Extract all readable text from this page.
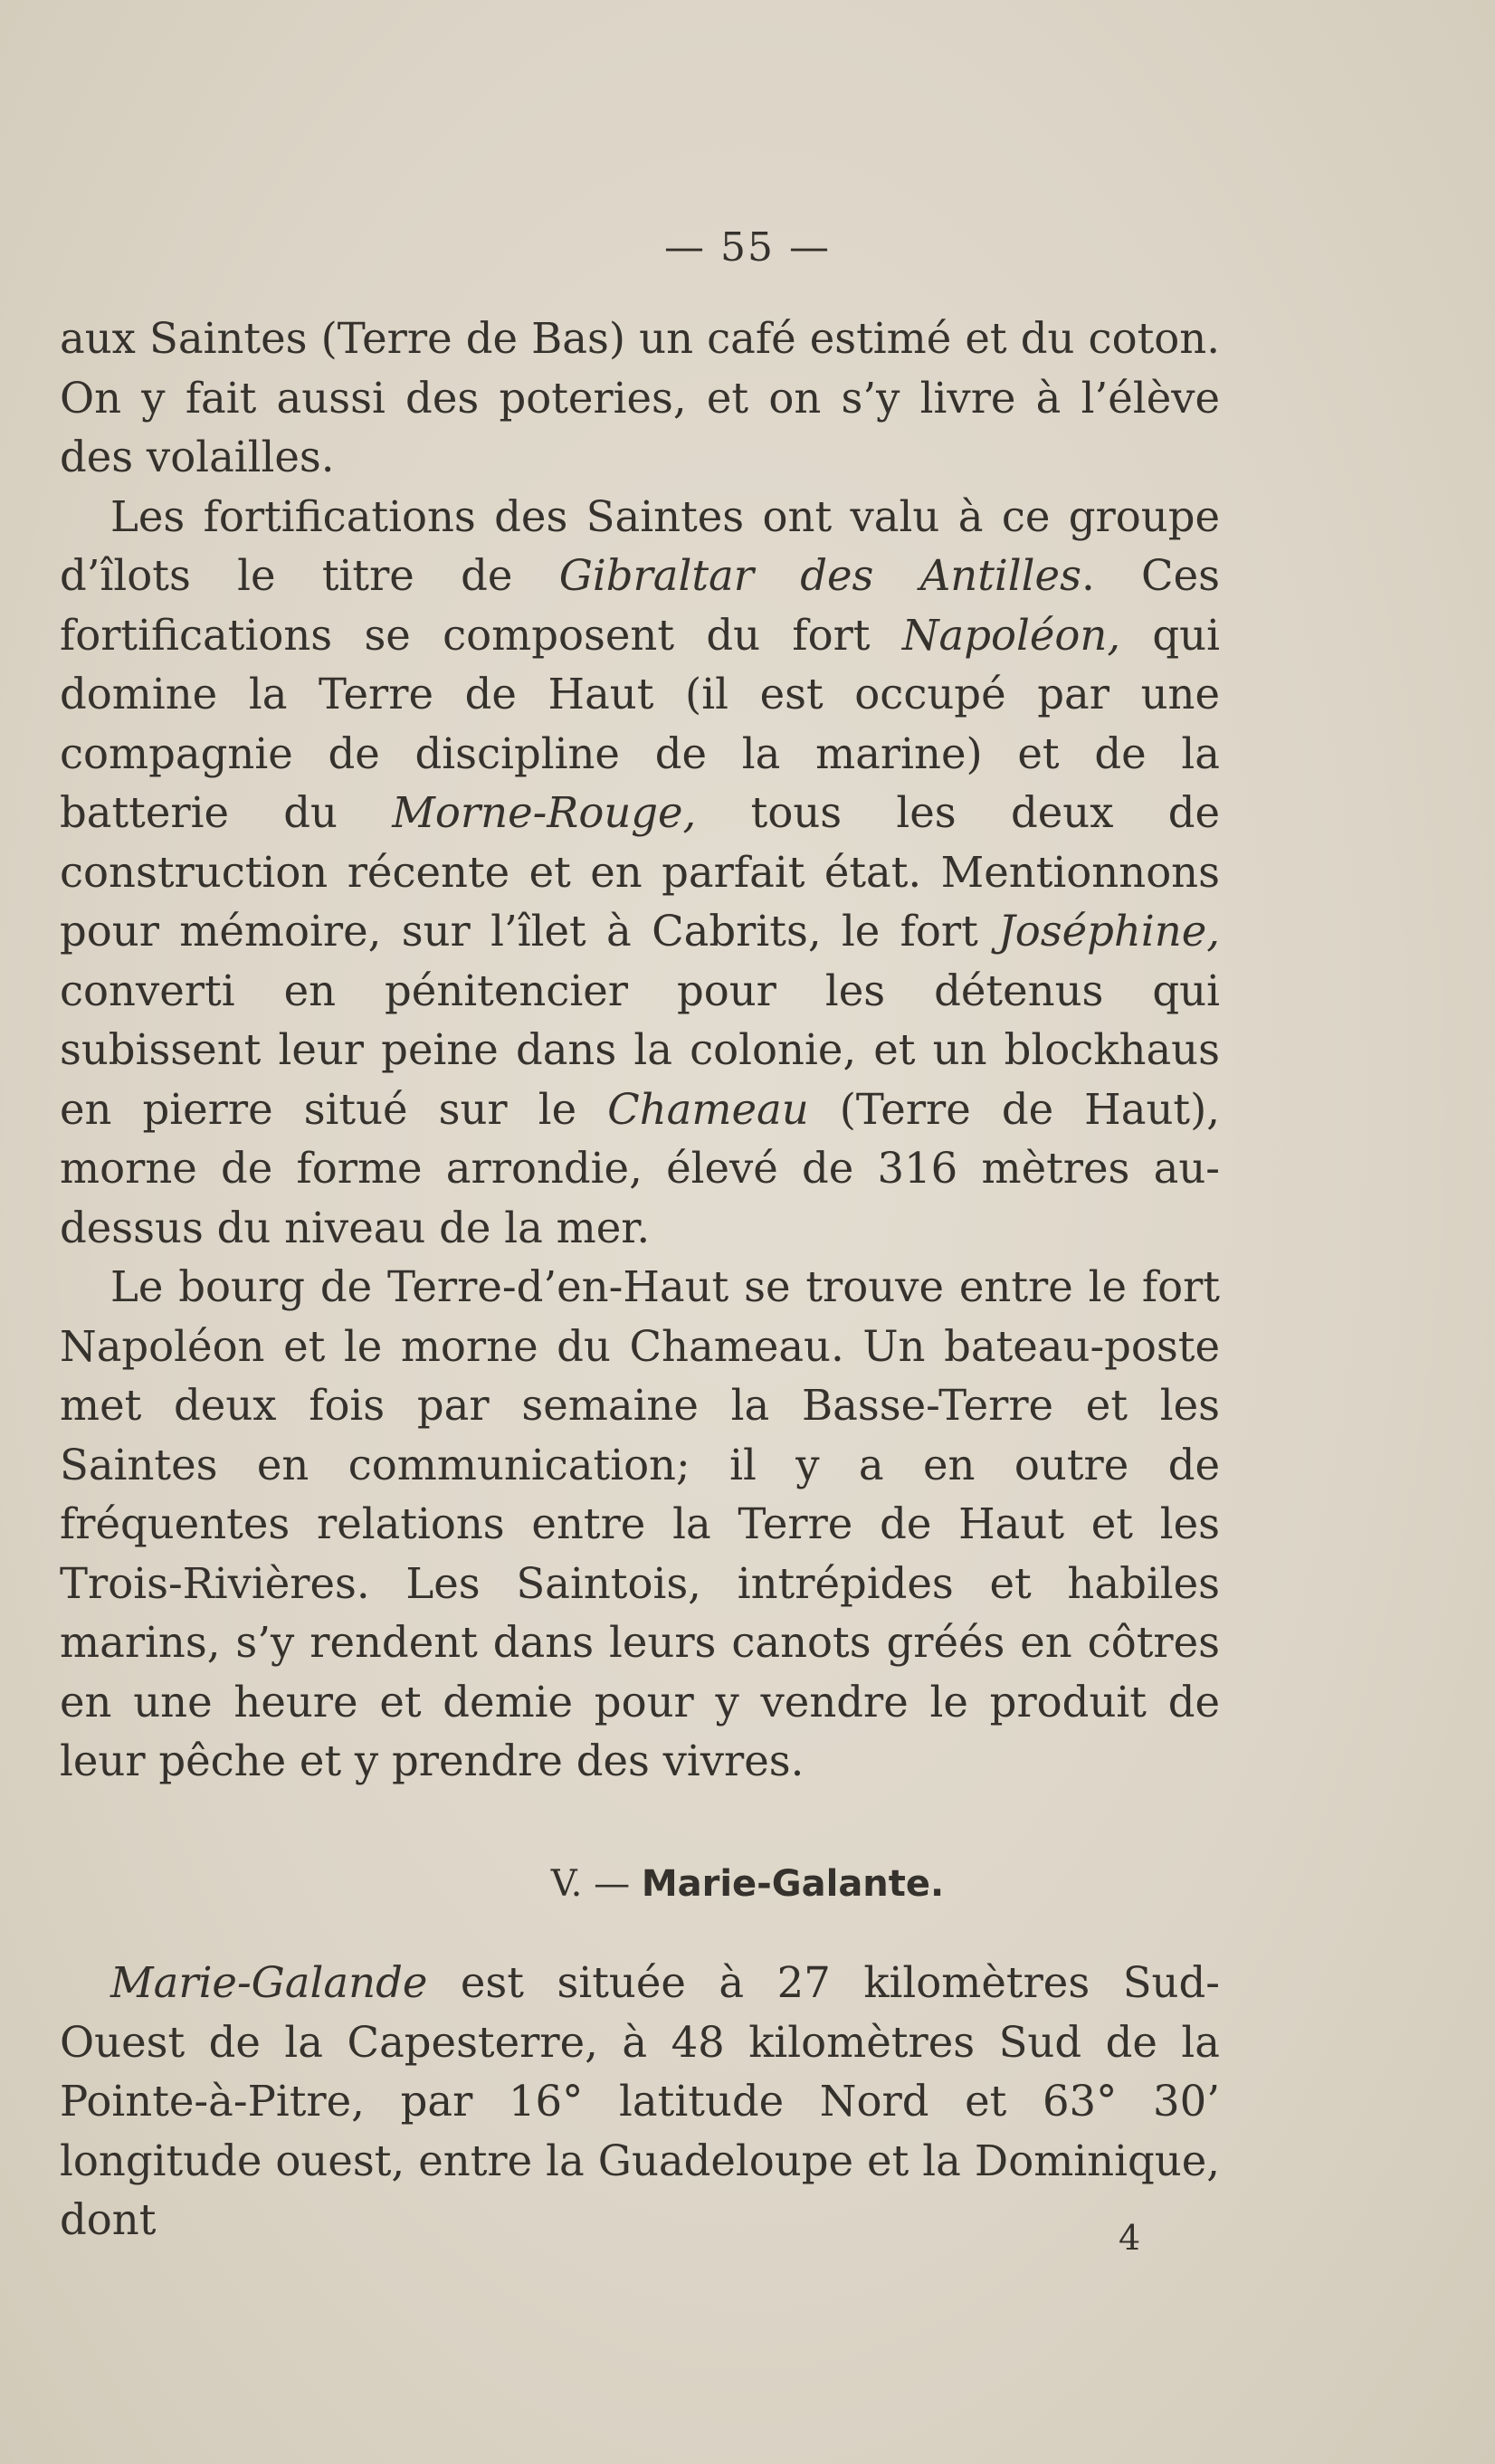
— 55 —

aux Saintes (Terre de Bas) un café estimé et du coton. On y fait aussi des poteries, et on s’y livre à l’élève des volailles.

Les fortifications des Saintes ont valu à ce groupe d’îlots le titre de Gibraltar des Antilles. Ces fortifications se composent du fort Napoléon, qui domine la Terre de Haut (il est occupé par une compagnie de discipline de la marine) et de la batterie du Morne-Rouge, tous les deux de construction récente et en parfait état. Mentionnons pour mémoire, sur l’îlet à Cabrits, le fort Joséphine, converti en pénitencier pour les détenus qui subissent leur peine dans la colonie, et un blockhaus en pierre situé sur le Chameau (Terre de Haut), morne de forme arrondie, élevé de 316 mètres au-dessus du niveau de la mer.

Le bourg de Terre-d’en-Haut se trouve entre le fort Napoléon et le morne du Chameau. Un bateau-poste met deux fois par semaine la Basse-Terre et les Saintes en communication; il y a en outre de fréquentes relations entre la Terre de Haut et les Trois-Rivières. Les Saintois, intrépides et habiles marins, s’y rendent dans leurs canots gréés en côtres en une heure et demie pour y vendre le produit de leur pêche et y prendre des vivres.

V. — Marie-Galante.

Marie-Galande est située à 27 kilomètres Sud-Ouest de la Capesterre, à 48 kilomètres Sud de la Pointe-à-Pitre, par 16° latitude Nord et 63° 30’ longitude ouest, entre la Guadeloupe et la Dominique, dont	4
